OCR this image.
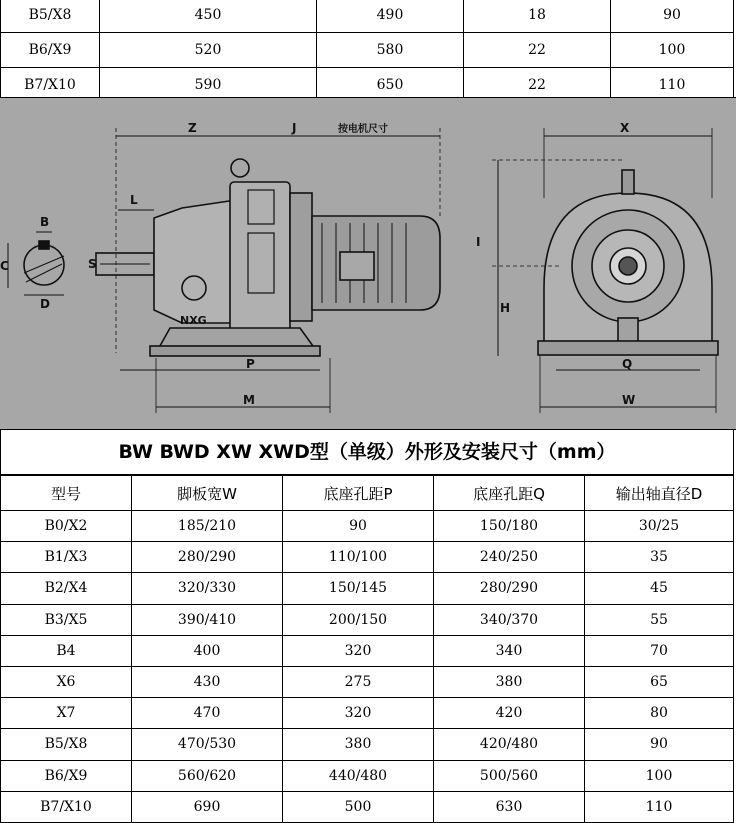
B5/X8	450	490	18	90
B6/X9	520	580	22	100
B7/X10	590	650	22	110
Z	J	按电机尺寸
B
L
C
D
S
NXG
P
M
X
I
H
Q
W
BW BWD XW XWD型（单级）外形及安装尺寸（mm）
型号	脚板宽W	底座孔距P	底座孔距Q	输出轴直径D
B0/X2	185/210	90	150/180	30/25
B1/X3	280/290	110/100	240/250	35
B2/X4	320/330	150/145	280/290	45
B3/X5	390/410	200/150	340/370	55
B4	400	320	340	70
X6	430	275	380	65
X7	470	320	420	80
B5/X8	470/530	380	420/480	90
B6/X9	560/620	440/480	500/560	100
B7/X10	690	500	630	110
